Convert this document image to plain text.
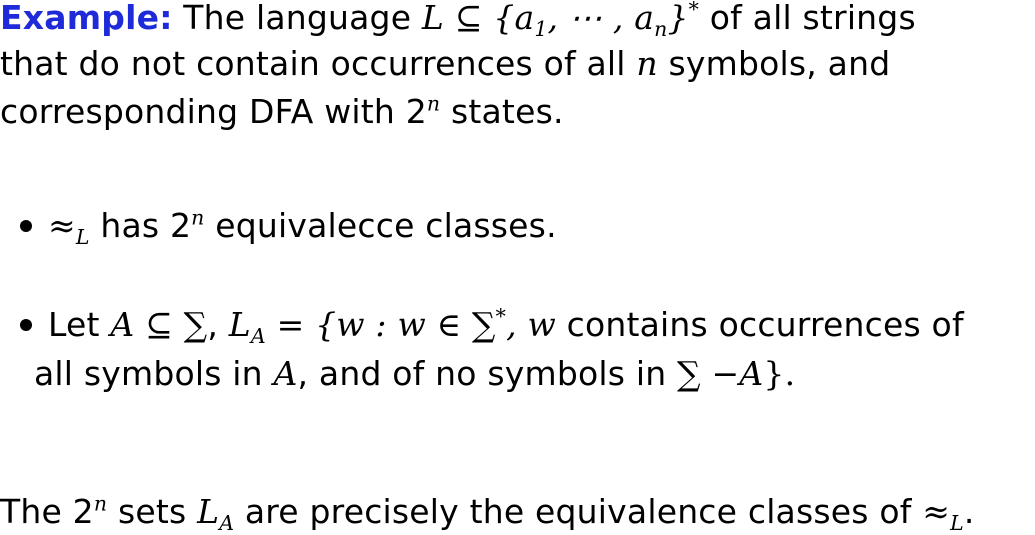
Example: The language L ⊆ {$a_1$, ⋯ , $a_n\}^*$ of all strings
that do not contain occurrences of all n symbols, and
corresponding DFA with 2$^n$ states.
$\approx_L$ has 2$^n$ equivalecce classes.
Let A ⊆ ∑, $L_A = \{w$ : w ∈ ∑*, w contains occurrences of
all symbols in A, and of no symbols in ∑ −A}.
The 2$^n$ sets $L_A$ are precisely the equivalence classes of $\approx_L$.
